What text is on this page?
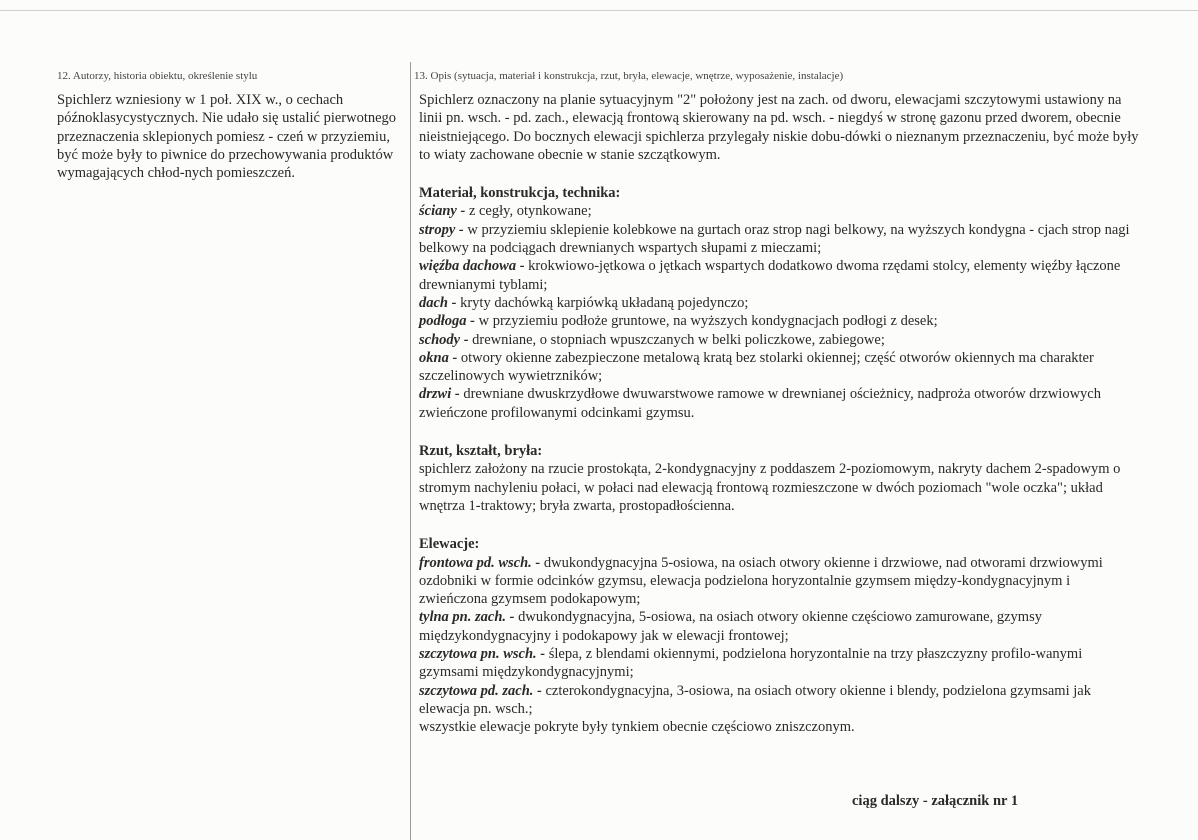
12. Autorzy, historia obiektu, określenie stylu

Spichlerz wzniesiony w 1 poł. XIX w., o cechach późnoklasycystycznych. Nie udało się ustalić pierwotnego przeznaczenia sklepionych pomiesz - czeń w przyziemiu, być może były to piwnice do przechowywania produktów wymagających chłod-nych pomieszczeń.

13. Opis (sytuacja, materiał i konstrukcja, rzut, bryła, elewacje, wnętrze, wyposażenie, instalacje)

Spichlerz oznaczony na planie sytuacyjnym "2" położony jest na zach. od dworu, elewacjami szczytowymi ustawiony na linii pn. wsch. - pd. zach., elewacją frontową skierowany na pd. wsch. - niegdyś w stronę gazonu przed dworem, obecnie nieistniejącego. Do bocznych elewacji spichlerza przylegały niskie dobu-dówki o nieznanym przeznaczeniu, być może były to wiaty zachowane obecnie w stanie szczątkowym.

Materiał, konstrukcja, technika:

ściany - z cegły, otynkowane;

stropy - w przyziemiu sklepienie kolebkowe na gurtach oraz strop nagi belkowy, na wyższych kondygna - cjach strop nagi belkowy na podciągach drewnianych wspartych słupami z mieczami;

więźba dachowa - krokwiowo-jętkowa o jętkach wspartych dodatkowo dwoma rzędami stolcy, elementy więźby łączone drewnianymi tyblami;

dach - kryty dachówką karpiówką układaną pojedynczo;

podłoga - w przyziemiu podłoże gruntowe, na wyższych kondygnacjach podłogi z desek;

schody - drewniane, o stopniach wpuszczanych w belki policzkowe, zabiegowe;

okna - otwory okienne zabezpieczone metalową kratą bez stolarki okiennej; część otworów okiennych ma charakter szczelinowych wywietrzników;

drzwi - drewniane dwuskrzydłowe dwuwarstwowe ramowe w drewnianej ościeżnicy, nadproża otworów drzwiowych zwieńczone profilowanymi odcinkami gzymsu.

Rzut, kształt, bryła:

spichlerz założony na rzucie prostokąta, 2-kondygnacyjny z poddaszem 2-poziomowym, nakryty dachem 2-spadowym o stromym nachyleniu połaci, w połaci nad elewacją frontową rozmieszczone w dwóch poziomach "wole oczka"; układ wnętrza 1-traktowy; bryła zwarta, prostopadłościenna.

Elewacje:

frontowa pd. wsch. - dwukondygnacyjna 5-osiowa, na osiach otwory okienne i drzwiowe, nad otworami drzwiowymi ozdobniki w formie odcinków gzymsu, elewacja podzielona horyzontalnie gzymsem między-kondygnacyjnym i zwieńczona gzymsem podokapowym;

tylna pn. zach. - dwukondygnacyjna, 5-osiowa, na osiach otwory okienne częściowo zamurowane, gzymsy międzykondygnacyjny i podokapowy jak w elewacji frontowej;

szczytowa pn. wsch. - ślepa, z blendami okiennymi, podzielona horyzontalnie na trzy płaszczyzny profilo-wanymi gzymsami międzykondygnacyjnymi;

szczytowa pd. zach. - czterokondygnacyjna, 3-osiowa, na osiach otwory okienne i blendy, podzielona gzymsami jak elewacja pn. wsch.;

wszystkie elewacje pokryte były tynkiem obecnie częściowo zniszczonym.

ciąg dalszy - załącznik nr 1
